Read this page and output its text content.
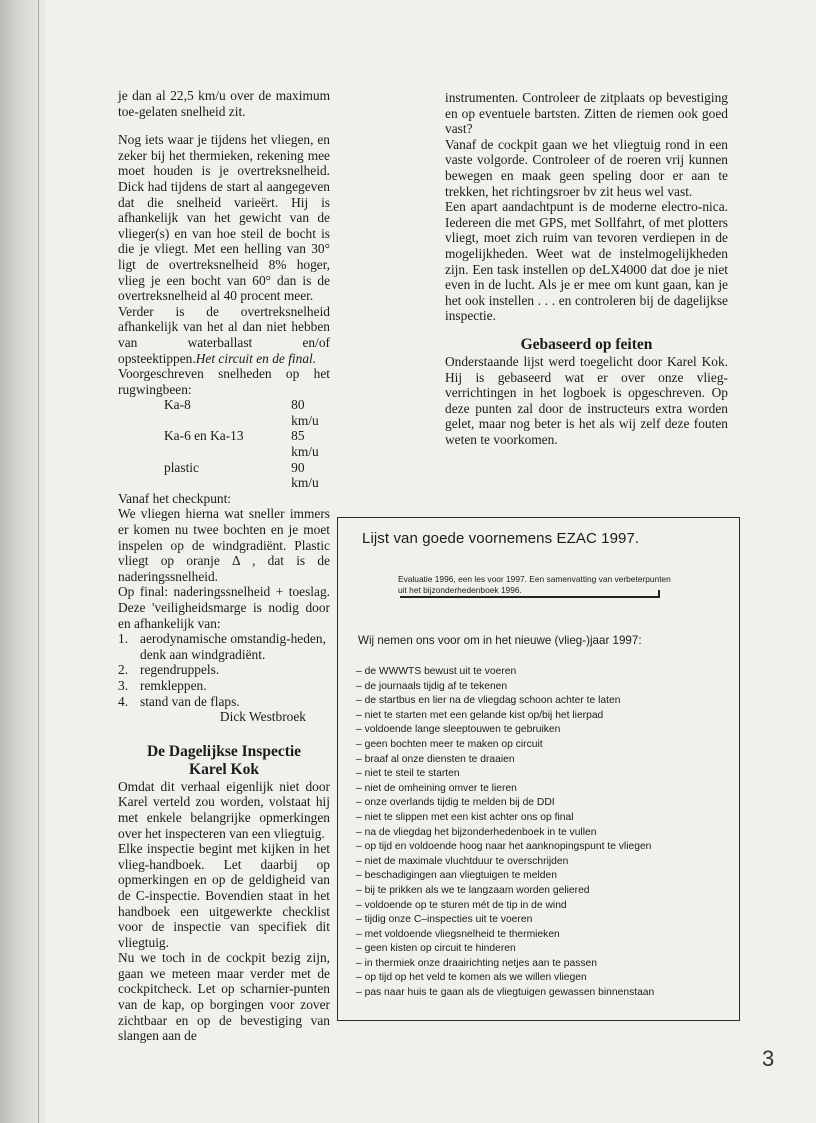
je dan al 22,5 km/u over de maximum toe-gelaten snelheid zit.

Nog iets waar je tijdens het vliegen, en zeker bij het thermieken, rekening mee moet houden is je overtreksnelheid. Dick had tijdens de start al aangegeven dat die snelheid varieërt. Hij is afhankelijk van het gewicht van de vlieger(s) en van hoe steil de bocht is die je vliegt. Met een helling van 30° ligt de overtreksnelheid 8% hoger, vlieg je een bocht van 60° dan is de overtreksnelheid al 40 procent meer.

Verder is de overtreksnelheid afhankelijk van het al dan niet hebben van waterballast en/of opsteektippen.Het circuit en de final.

Voorgeschreven snelheden op het rugwingbeen:

Ka-8	80 km/u
Ka-6 en Ka-13	85 km/u
plastic	90 km/u

Vanaf het checkpunt:

We vliegen hierna wat sneller immers er komen nu twee bochten en je moet inspelen op de windgradiënt. Plastic vliegt op oranje Δ , dat is de naderingssnelheid.

Op final: naderingssnelheid + toeslag. Deze 'veiligheidsmarge is nodig door en afhankelijk van:

1. aerodynamische omstandig-heden, denk aan windgradiënt.
2. regendruppels.
3. remkleppen.
4. stand van de flaps.

Dick Westbroek

De Dagelijkse Inspectie
Karel Kok

Omdat dit verhaal eigenlijk niet door Karel verteld zou worden, volstaat hij met enkele belangrijke opmerkingen over het inspecteren van een vliegtuig.

Elke inspectie begint met kijken in het vlieg-handboek. Let daarbij op opmerkingen en op de geldigheid van de C-inspectie. Bovendien staat in het handboek een uitgewerkte checklist voor de inspectie van specifiek dit vliegtuig.

Nu we toch in de cockpit bezig zijn, gaan we meteen maar verder met de cockpitcheck. Let op scharnier-punten van de kap, op borgingen voor zover zichtbaar en op de bevestiging van slangen aan de

instrumenten. Controleer de zitplaats op bevestiging en op eventuele bartsten. Zitten de riemen ook goed vast?

Vanaf de cockpit gaan we het vliegtuig rond in een vaste volgorde. Controleer of de roeren vrij kunnen bewegen en maak geen speling door er aan te trekken, het richtingsroer bv zit heus wel vast.

Een apart aandachtpunt is de moderne electro-nica. Iedereen die met GPS, met Sollfahrt, of met plotters vliegt, moet zich ruim van tevoren verdiepen in de mogelijkheden. Weet wat de instelmogelijkheden zijn. Een task instellen op deLX4000 dat doe je niet even in de lucht. Als je er mee om kunt gaan, kan je het ook instellen . . . en controleren bij de dagelijkse inspectie.

Gebaseerd op feiten

Onderstaande lijst werd toegelicht door Karel Kok. Hij is gebaseerd wat er over onze vlieg-verrichtingen in het logboek is opgeschreven. Op deze punten zal door de instructeurs extra worden gelet, maar nog beter is het als wij zelf deze fouten weten te voorkomen.

Lijst van goede voornemens EZAC 1997.
Evaluatie 1996, een les voor 1997. Een samenvatting van verbeterpunten uit het bijzonderhedenboek 1996.
Wij nemen ons voor om in het nieuwe (vlieg-)jaar 1997:
– de WWWTS bewust uit te voeren
– de journaals tijdig af te tekenen
– de startbus en lier na de vliegdag schoon achter te laten
– niet te starten met een gelande kist op/bij het lierpad
– voldoende lange sleeptouwen te gebruiken
– geen bochten meer te maken op circuit
– braaf al onze diensten te draaien
– niet te steil te starten
– niet de omheining omver te lieren
– onze overlands tijdig te melden bij de DDI
– niet te slippen met een kist achter ons op final
– na de vliegdag het bijzonderhedenboek in te vullen
– op tijd en voldoende hoog naar het aanknopingspunt te vliegen
– niet de maximale vluchtduur te overschrijden
– beschadigingen aan vliegtuigen te melden
– bij te prikken als we te langzaam worden geliered
– voldoende op te sturen mét de tip in de wind
– tijdig onze C–inspecties uit te voeren
– met voldoende vliegsnelheid te thermieken
– geen kisten op circuit te hinderen
– in thermiek onze draairichting netjes aan te passen
– op tijd op het veld te komen als we willen vliegen
– pas naar huis te gaan als de vliegtuigen gewassen binnenstaan
3
